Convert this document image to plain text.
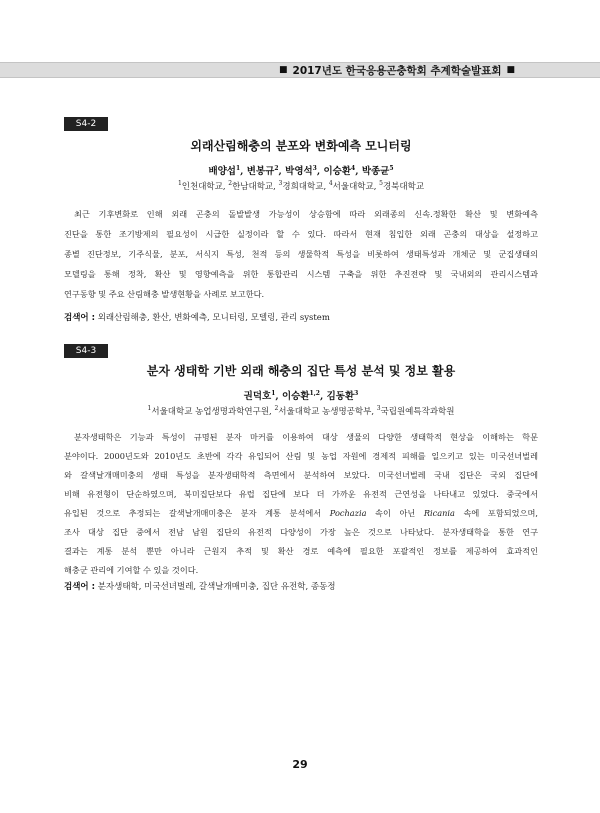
■ 2017년도 한국응용곤충학회 추계학술발표회 ■
S4-2
외래산림해충의 분포와 변화예측 모니터링
배양섭$^1$, 변봉규$^2$, 박영석$^3$, 이승환$^4$, 박종균$^5$
$^1$인천대학교, $^2$한남대학교, $^3$경희대학교, $^4$서울대학교, $^5$경북대학교
최근 기후변화로 인해 외래 곤충의 돌발발생 가능성이 상승함에 따라 외래종의 신속.정확한 확산 및 변화예측
진단을 통한 조기방제의 필요성이 시급한 실정이라 할 수 있다. 따라서 현재 침입한 외래 곤충의 대상을 설정하고
종별 진단정보, 기주식물, 분포, 서식지 특성, 천적 등의 생물학적 특성을 비롯하여 생태특성과 개체군 및 군집생태의
모델링을 통해 정착, 확산 및 영향예측을 위한 통합관리 시스템 구축을 위한 추진전략 및 국내외의 관리시스템과
연구동향 및 주요 산림해충 발생현황을 사례로 보고한다.
검색어 : 외래산림해충, 환산, 변화예측, 모니터링, 모델링, 관리 system
S4-3
분자 생태학 기반 외래 해충의 집단 특성 분석 및 정보 활용
권덕호$^1$, 이승환$^{1,2}$, 김동환$^3$
$^1$서울대학교 농업생명과학연구원, $^2$서울대학교 농생명공학부, $^3$국립원예특작과학원
분자생태학은 기능과 특성이 규명된 분자 마커를 이용하여 대상 생물의 다양한 생태학적 현상을 이해하는 학문
분야이다. 2000년도와 2010년도 초반에 각각 유입되어 산림 및 농업 자원에 경제적 피해를 일으키고 있는 미국선녀벌레
와 갈색날개매미충의 생태 특성을 분자생태학적 측면에서 분석하여 보았다. 미국선녀벌레 국내 집단은 국외 집단에
비해 유전형이 단순하였으며, 북미집단보다 유럽 집단에 보다 더 가까운 유전적 근연성을 나타내고 있었다. 중국에서
유입된 것으로 추정되는 갈색날개매미충은 분자 계통 분석에서 Pochazia 속이 아닌 Ricania 속에 포함되었으며,
조사 대상 집단 중에서 전남 남원 집단의 유전적 다양성이 가장 높은 것으로 나타났다. 분자생태학을 통한 연구
결과는 계통 분석 뿐만 아니라 근원지 추적 및 확산 경로 예측에 필요한 포괄적인 정보를 제공하여 효과적인
해충군 관리에 기여할 수 있을 것이다.
검색어 : 분자생태학, 미국선녀벌레, 갈색날개매미충, 집단 유전학, 종동정
29
